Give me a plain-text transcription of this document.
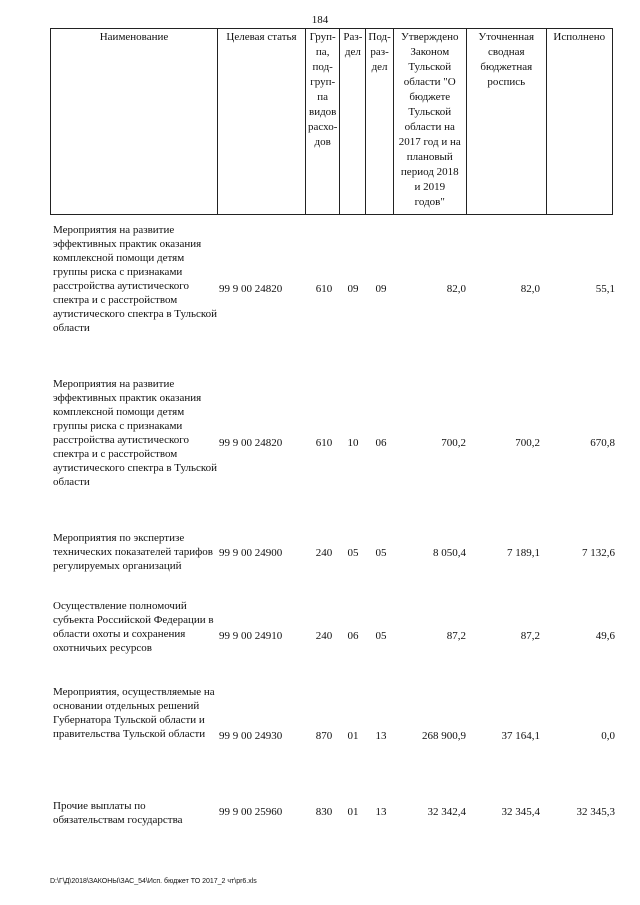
184
Наименование	Целевая статья	Груп-
па,
под-
груп-
па
видов
расхо-
дов	Раз-
дел	Под-
раз-
дел	Утверждено
Законом
Тульской
области "О
бюджете
Тульской
области на
2017 год и на
плановый
период 2018
и 2019
годов"	Уточненная
сводная
бюджетная
роспись	Исполнено
Мероприятия на развитие эффективных практик оказания комплексной помощи детям группы риска с признаками расстройства аутистического спектра и с расстройством аутистического спектра в Тульской области
99 9 00 24820	610	09	09	82,0	82,0	55,1
Мероприятия на развитие эффективных практик оказания комплексной помощи детям группы риска с признаками расстройства аутистического спектра и с расстройством аутистического спектра в Тульской области
99 9 00 24820	610	10	06	700,2	700,2	670,8
Мероприятия по экспертизе технических показателей тарифов регулируемых организаций
99 9 00 24900	240	05	05	8 050,4	7 189,1	7 132,6
Осуществление полномочий субъекта Российской Федерации в области охоты и сохранения охотничьих ресурсов
99 9 00 24910	240	06	05	87,2	87,2	49,6
Мероприятия, осуществляемые на основании отдельных решений Губернатора Тульской области и правительства Тульской области	99 9 00 24930	870	01	13	268 900,9	37 164,1	0,0
Прочие выплаты по обязательствам государства
99 9 00 25960	830	01	13	32 342,4	32 345,4	32 345,3
D:\Г\Д\2018\ЗАКОНЫ\ЗАС_54\Исп. бюджет ТО 2017_2 чт\pr6.xls
